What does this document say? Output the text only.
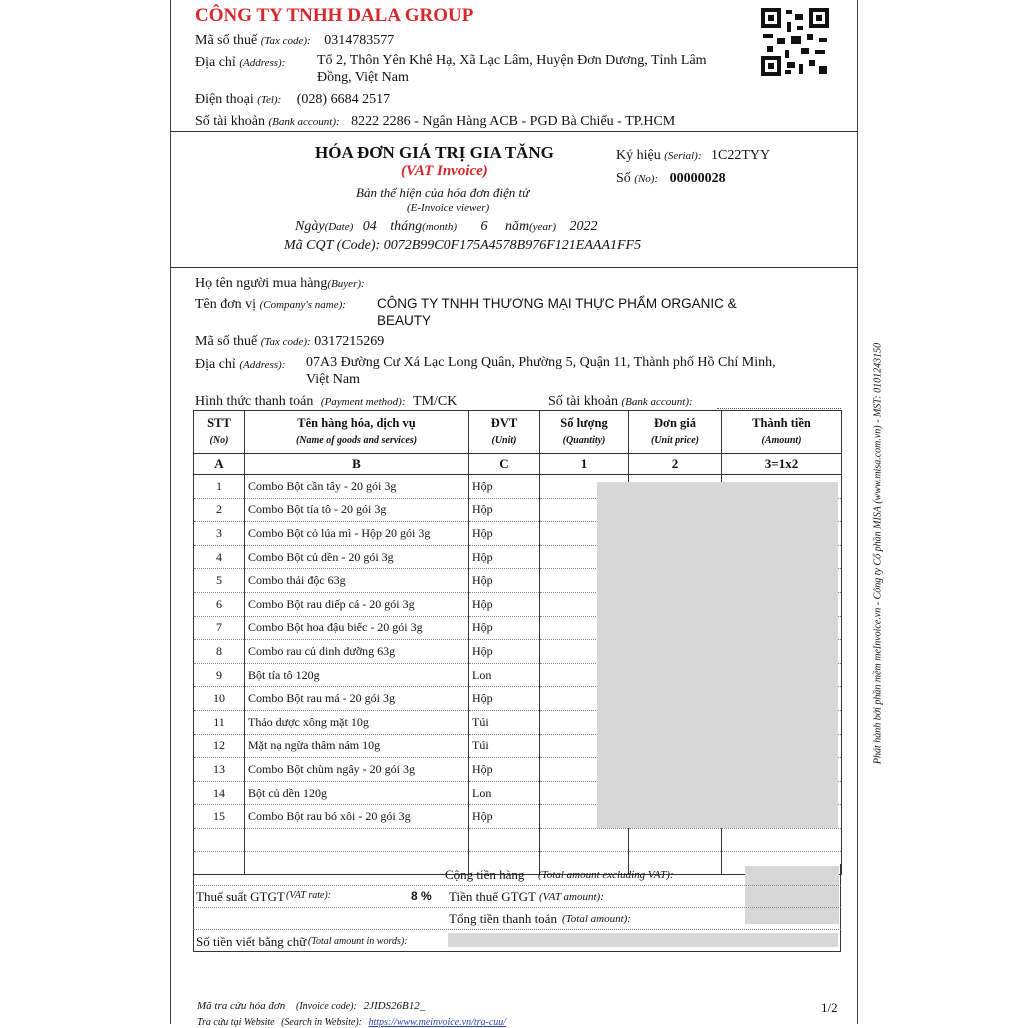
CÔNG TY TNHH DALA GROUP
Mã số thuế (Tax code): 0314783577
Địa chỉ (Address): Tổ 2, Thôn Yên Khê Hạ, Xã Lạc Lâm, Huyện Đơn Dương, Tỉnh Lâm
Đồng, Việt Nam
Điện thoại (Tel): (028) 6684 2517
Số tài khoản (Bank account): 8222 2286 - Ngân Hàng ACB - PGD Bà Chiểu - TP.HCM
HÓA ĐƠN GIÁ TRỊ GIA TĂNG
(VAT Invoice)
Bản thể hiện của hóa đơn điện tử
(E-Invoice viewer)
Ký hiệu (Serial): 1C22TYY
Số (No): 00000028
Ngày(Date) 04 tháng(month) 6 năm(year) 2022
Mã CQT (Code): 0072B99C0F175A4578B976F121EAAA1FF5
Họ tên người mua hàng(Buyer):
Tên đơn vị (Company's name): CÔNG TY TNHH THƯƠNG MẠI THỰC PHẨM ORGANIC &
BEAUTY
Mã số thuế (Tax code): 0317215269
Địa chỉ (Address): 07A3 Đường Cư Xá Lạc Long Quân, Phường 5, Quận 11, Thành phố Hồ Chí Minh,
Việt Nam
Hình thức thanh toán (Payment method): TM/CK	Số tài khoản (Bank account):
STT
(No)	Tên hàng hóa, dịch vụ
(Name of goods and services)	ĐVT
(Unit)	Số lượng
(Quantity)	Đơn giá
(Unit price)	Thành tiền
(Amount)

A	B	C	1	2	3=1x2
1	Combo Bột cần tây - 20 gói 3g	Hộp			
2	Combo Bột tía tô - 20 gói 3g	Hộp			
3	Combo Bột cỏ lúa mì - Hộp 20 gói 3g	Hộp			
4	Combo Bột củ dền - 20 gói 3g	Hộp			
5	Combo thải độc 63g	Hộp			
6	Combo Bột rau diếp cá - 20 gói 3g	Hộp			
7	Combo Bột hoa đậu biếc - 20 gói 3g	Hộp			
8	Combo rau củ dinh dưỡng 63g	Hộp			
9	Bột tía tô 120g	Lon			
10	Combo Bột rau má - 20 gói 3g	Hộp			
11	Thảo dược xông mặt 10g	Túi			
12	Mặt nạ ngừa thâm nám 10g	Túi			
13	Combo Bột chùm ngây - 20 gói 3g	Hộp			
14	Bột củ dền 120g	Lon			
15	Combo Bột rau bó xôi - 20 gói 3g	Hộp			

Cộng tiền hàng (Total amount excluding VAT):
Thuế suất GTGT (VAT rate):	8 % Tiền thuế GTGT (VAT amount):
Tổng tiền thanh toán (Total amount):
Số tiền viết bằng chữ (Total amount in words):
Mã tra cứu hóa đơn (Invoice code): 2JIDS26B12_	1/2
Tra cứu tại Website (Search in Website): https://www.meinvoice.vn/tra-cuu/
Phát hành bởi phần mềm meInvoice.vn - Công ty Cổ phần MISA (www.misa.com.vn) - MST: 0101243150
